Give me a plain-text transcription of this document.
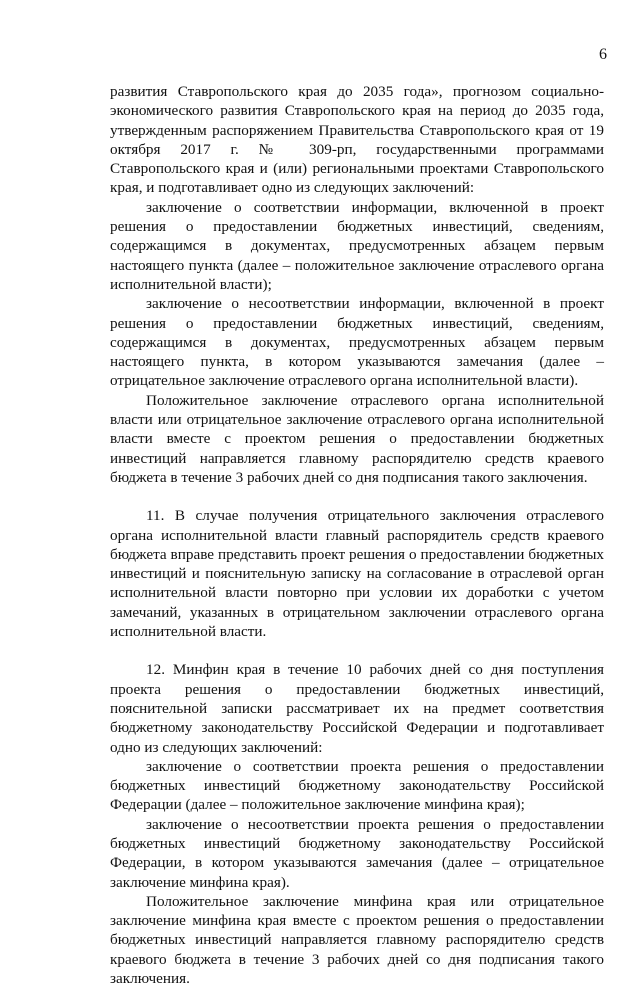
6

развития Ставропольского края до 2035 года», прогнозом социально-экономического развития Ставропольского края на период до 2035 года, утвержденным распоряжением Правительства Ставропольского края от 19 октября 2017 г. № 309-рп, государственными программами Ставропольского края и (или) региональными проектами Ставропольского края, и подготавливает одно из следующих заключений:

заключение о соответствии информации, включенной в проект решения о предоставлении бюджетных инвестиций, сведениям, содержащимся в документах, предусмотренных абзацем первым настоящего пункта (далее – положительное заключение отраслевого органа исполнительной власти);

заключение о несоответствии информации, включенной в проект решения о предоставлении бюджетных инвестиций, сведениям, содержащимся в документах, предусмотренных абзацем первым настоящего пункта, в котором указываются замечания (далее – отрицательное заключение отраслевого органа исполнительной власти).

Положительное заключение отраслевого органа исполнительной власти или отрицательное заключение отраслевого органа исполнительной власти вместе с проектом решения о предоставлении бюджетных инвестиций направляется главному распорядителю средств краевого бюджета в течение 3 рабочих дней со дня подписания такого заключения.

11. В случае получения отрицательного заключения отраслевого органа исполнительной власти главный распорядитель средств краевого бюджета вправе представить проект решения о предоставлении бюджетных инвестиций и пояснительную записку на согласование в отраслевой орган исполнительной власти повторно при условии их доработки с учетом замечаний, указанных в отрицательном заключении отраслевого органа исполнительной власти.

12. Минфин края в течение 10 рабочих дней со дня поступления проекта решения о предоставлении бюджетных инвестиций, пояснительной записки рассматривает их на предмет соответствия бюджетному законодательству Российской Федерации и подготавливает одно из следующих заключений:

заключение о соответствии проекта решения о предоставлении бюджетных инвестиций бюджетному законодательству Российской Федерации (далее – положительное заключение минфина края);

заключение о несоответствии проекта решения о предоставлении бюджетных инвестиций бюджетному законодательству Российской Федерации, в котором указываются замечания (далее – отрицательное заключение минфина края).

Положительное заключение минфина края или отрицательное заключение минфина края вместе с проектом решения о предоставлении бюджетных инвестиций направляется главному распорядителю средств краевого бюджета в течение 3 рабочих дней со дня подписания такого заключения.
